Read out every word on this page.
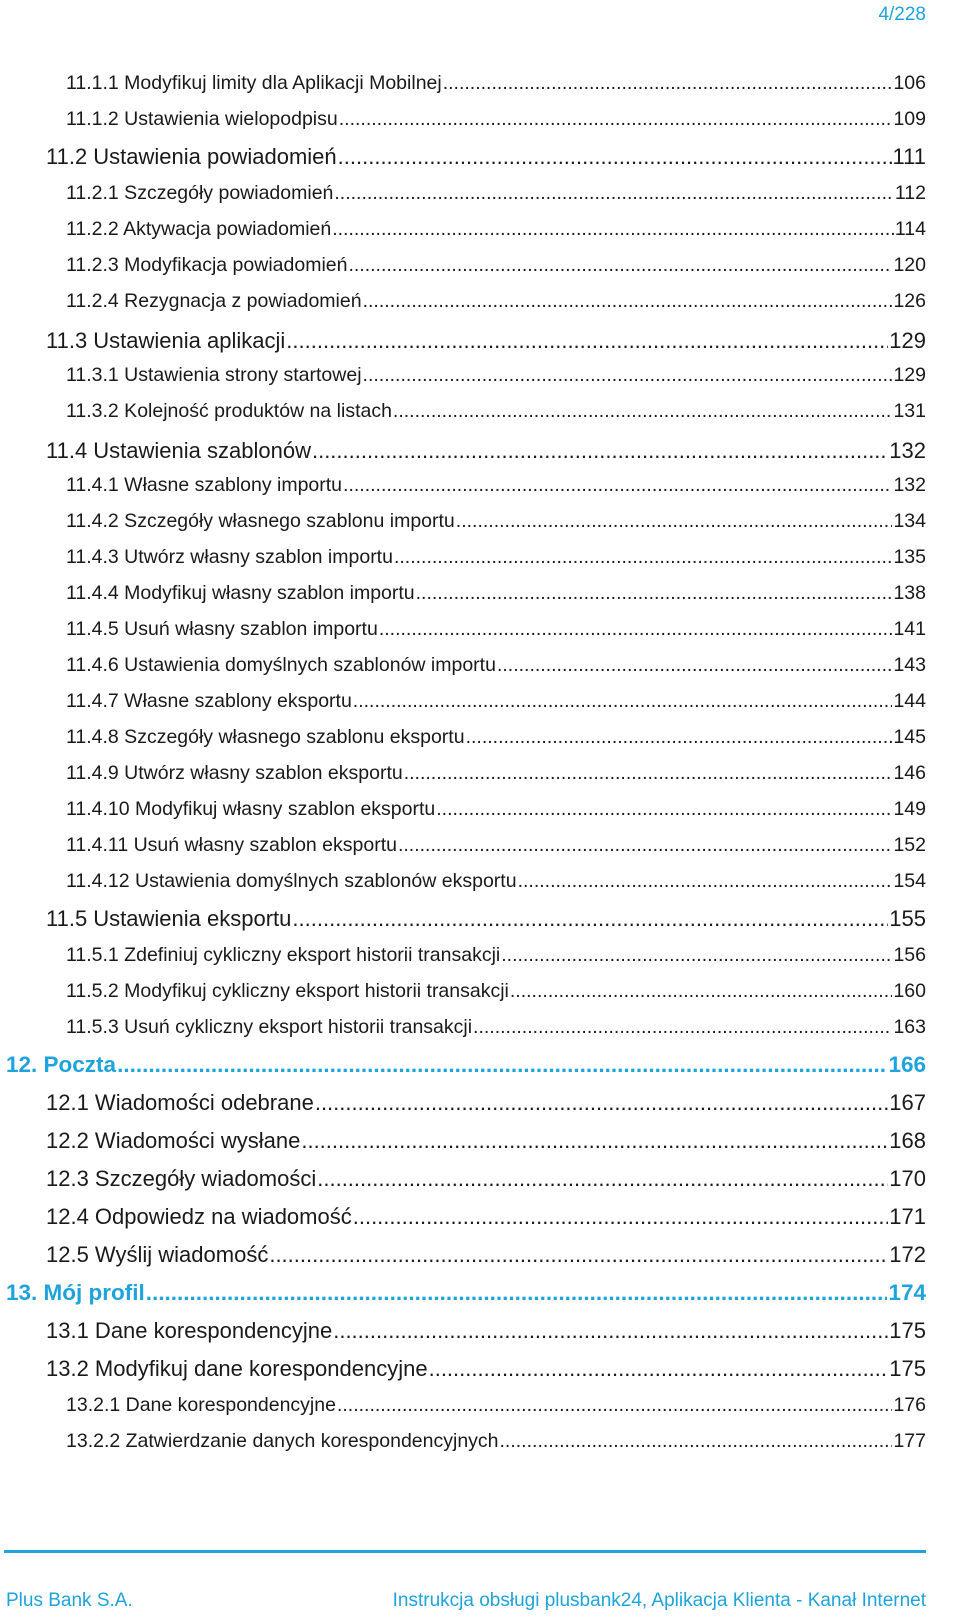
4/228
11.1.1 Modyfikuj limity dla Aplikacji Mobilnej .....	106
11.1.2 Ustawienia wielopodpisu .....	109
11.2 Ustawienia powiadomień .....	111
11.2.1 Szczegóły powiadomień .....	112
11.2.2 Aktywacja powiadomień .....	114
11.2.3 Modyfikacja powiadomień .....	120
11.2.4 Rezygnacja z powiadomień .....	126
11.3 Ustawienia aplikacji .....	129
11.3.1 Ustawienia strony startowej .....	129
11.3.2 Kolejność produktów na listach .....	131
11.4 Ustawienia szablonów .....	132
11.4.1 Własne szablony importu .....	132
11.4.2 Szczegóły własnego szablonu importu .....	134
11.4.3 Utwórz własny szablon importu .....	135
11.4.4 Modyfikuj własny szablon importu .....	138
11.4.5 Usuń własny szablon importu .....	141
11.4.6 Ustawienia domyślnych szablonów importu .....	143
11.4.7 Własne szablony eksportu .....	144
11.4.8 Szczegóły własnego szablonu eksportu .....	145
11.4.9 Utwórz własny szablon eksportu .....	146
11.4.10 Modyfikuj własny szablon eksportu .....	149
11.4.11 Usuń własny szablon eksportu .....	152
11.4.12 Ustawienia domyślnych szablonów eksportu .....	154
11.5 Ustawienia eksportu .....	155
11.5.1 Zdefiniuj cykliczny eksport historii transakcji .....	156
11.5.2 Modyfikuj cykliczny eksport historii transakcji .....	160
11.5.3 Usuń cykliczny eksport historii transakcji .....	163
12. Poczta .....	166
12.1 Wiadomości odebrane .....	167
12.2 Wiadomości wysłane .....	168
12.3 Szczegóły wiadomości .....	170
12.4 Odpowiedz na wiadomość .....	171
12.5 Wyślij wiadomość .....	172
13. Mój profil .....	174
13.1 Dane korespondencyjne .....	175
13.2 Modyfikuj dane korespondencyjne .....	175
13.2.1 Dane korespondencyjne .....	176
13.2.2 Zatwierdzanie danych korespondencyjnych .....	177
Plus Bank S.A.	Instrukcja obsługi plusbank24, Aplikacja Klienta - Kanał Internet
